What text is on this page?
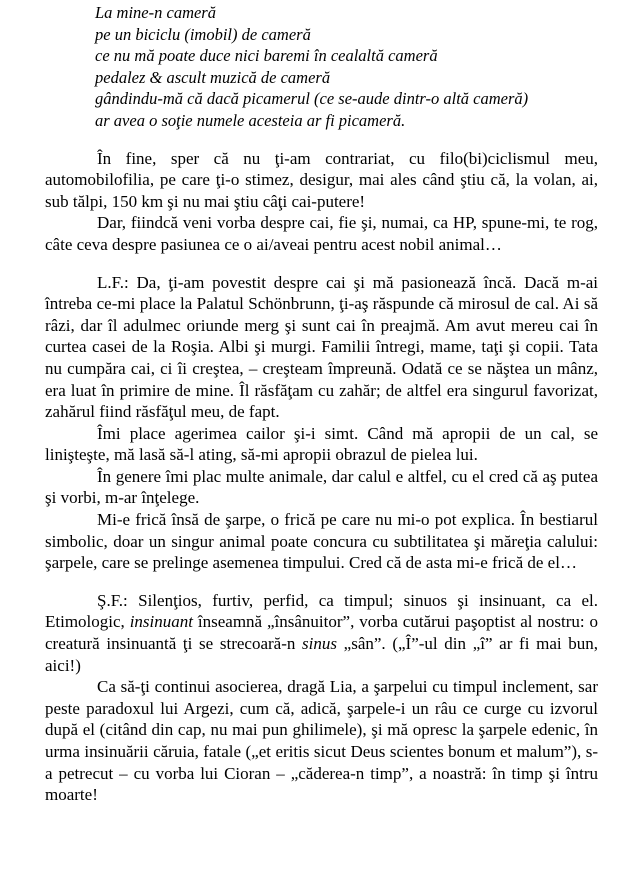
La mine-n cameră
pe un biciclu (imobil) de cameră
ce nu mă poate duce nici baremi în cealaltă cameră
pedalez & ascult muzică de cameră
gândindu-mă că dacă picamerul (ce se-aude dintr-o altă cameră)
ar avea o soţie numele acesteia ar fi picameră.

În fine, sper că nu ţi-am contrariat, cu filo(bi)ciclismul meu, automobilofilia, pe care ţi-o stimez, desigur, mai ales când ştiu că, la volan, ai, sub tălpi, 150 km şi nu mai ştiu câţi cai-putere!

Dar, fiindcă veni vorba despre cai, fie şi, numai, ca HP, spune-mi, te rog, câte ceva despre pasiunea ce o ai/aveai pentru acest nobil animal…

L.F.: Da, ţi-am povestit despre cai şi mă pasionează încă. Dacă m-ai întreba ce-mi place la Palatul Schönbrunn, ţi-aş răspunde că mirosul de cal. Ai să râzi, dar îl adulmec oriunde merg şi sunt cai în preajmă. Am avut mereu cai în curtea casei de la Roşia. Albi şi murgi. Familii întregi, mame, taţi şi copii. Tata nu cumpăra cai, ci îi creştea, – creşteam împreună. Odată ce se năştea un mânz, era luat în primire de mine. Îl răsfăţam cu zahăr; de altfel era singurul favorizat, zahărul fiind răsfăţul meu, de fapt.

Îmi place agerimea cailor şi-i simt. Când mă apropii de un cal, se linişteşte, mă lasă să-l ating, să-mi apropii obrazul de pielea lui.

În genere îmi plac multe animale, dar calul e altfel, cu el cred că aş putea şi vorbi, m-ar înţelege.

Mi-e frică însă de şarpe, o frică pe care nu mi-o pot explica. În bestiarul simbolic, doar un singur animal poate concura cu subtilitatea şi măreţia calului: şarpele, care se prelinge asemenea timpului. Cred că de asta mi-e frică de el…

Ş.F.: Silenţios, furtiv, perfid, ca timpul; sinuos şi insinuant, ca el. Etimologic, insinuant înseamnă „însânuitor”, vorba cutărui paşoptist al nostru: o creatură insinuantă ţi se strecoară-n sinus „sân”. („Î”-ul din „î” ar fi mai bun, aici!)

Ca să-ţi continui asocierea, dragă Lia, a şarpelui cu timpul inclement, sar peste paradoxul lui Argezi, cum că, adică, şarpele-i un râu ce curge cu izvorul după el (citând din cap, nu mai pun ghilimele), şi mă opresc la şarpele edenic, în urma insinuării căruia, fatale („et eritis sicut Deus scientes bonum et malum”), s-a petrecut – cu vorba lui Cioran – „căderea-n timp”, a noastră: în timp şi întru moarte!
